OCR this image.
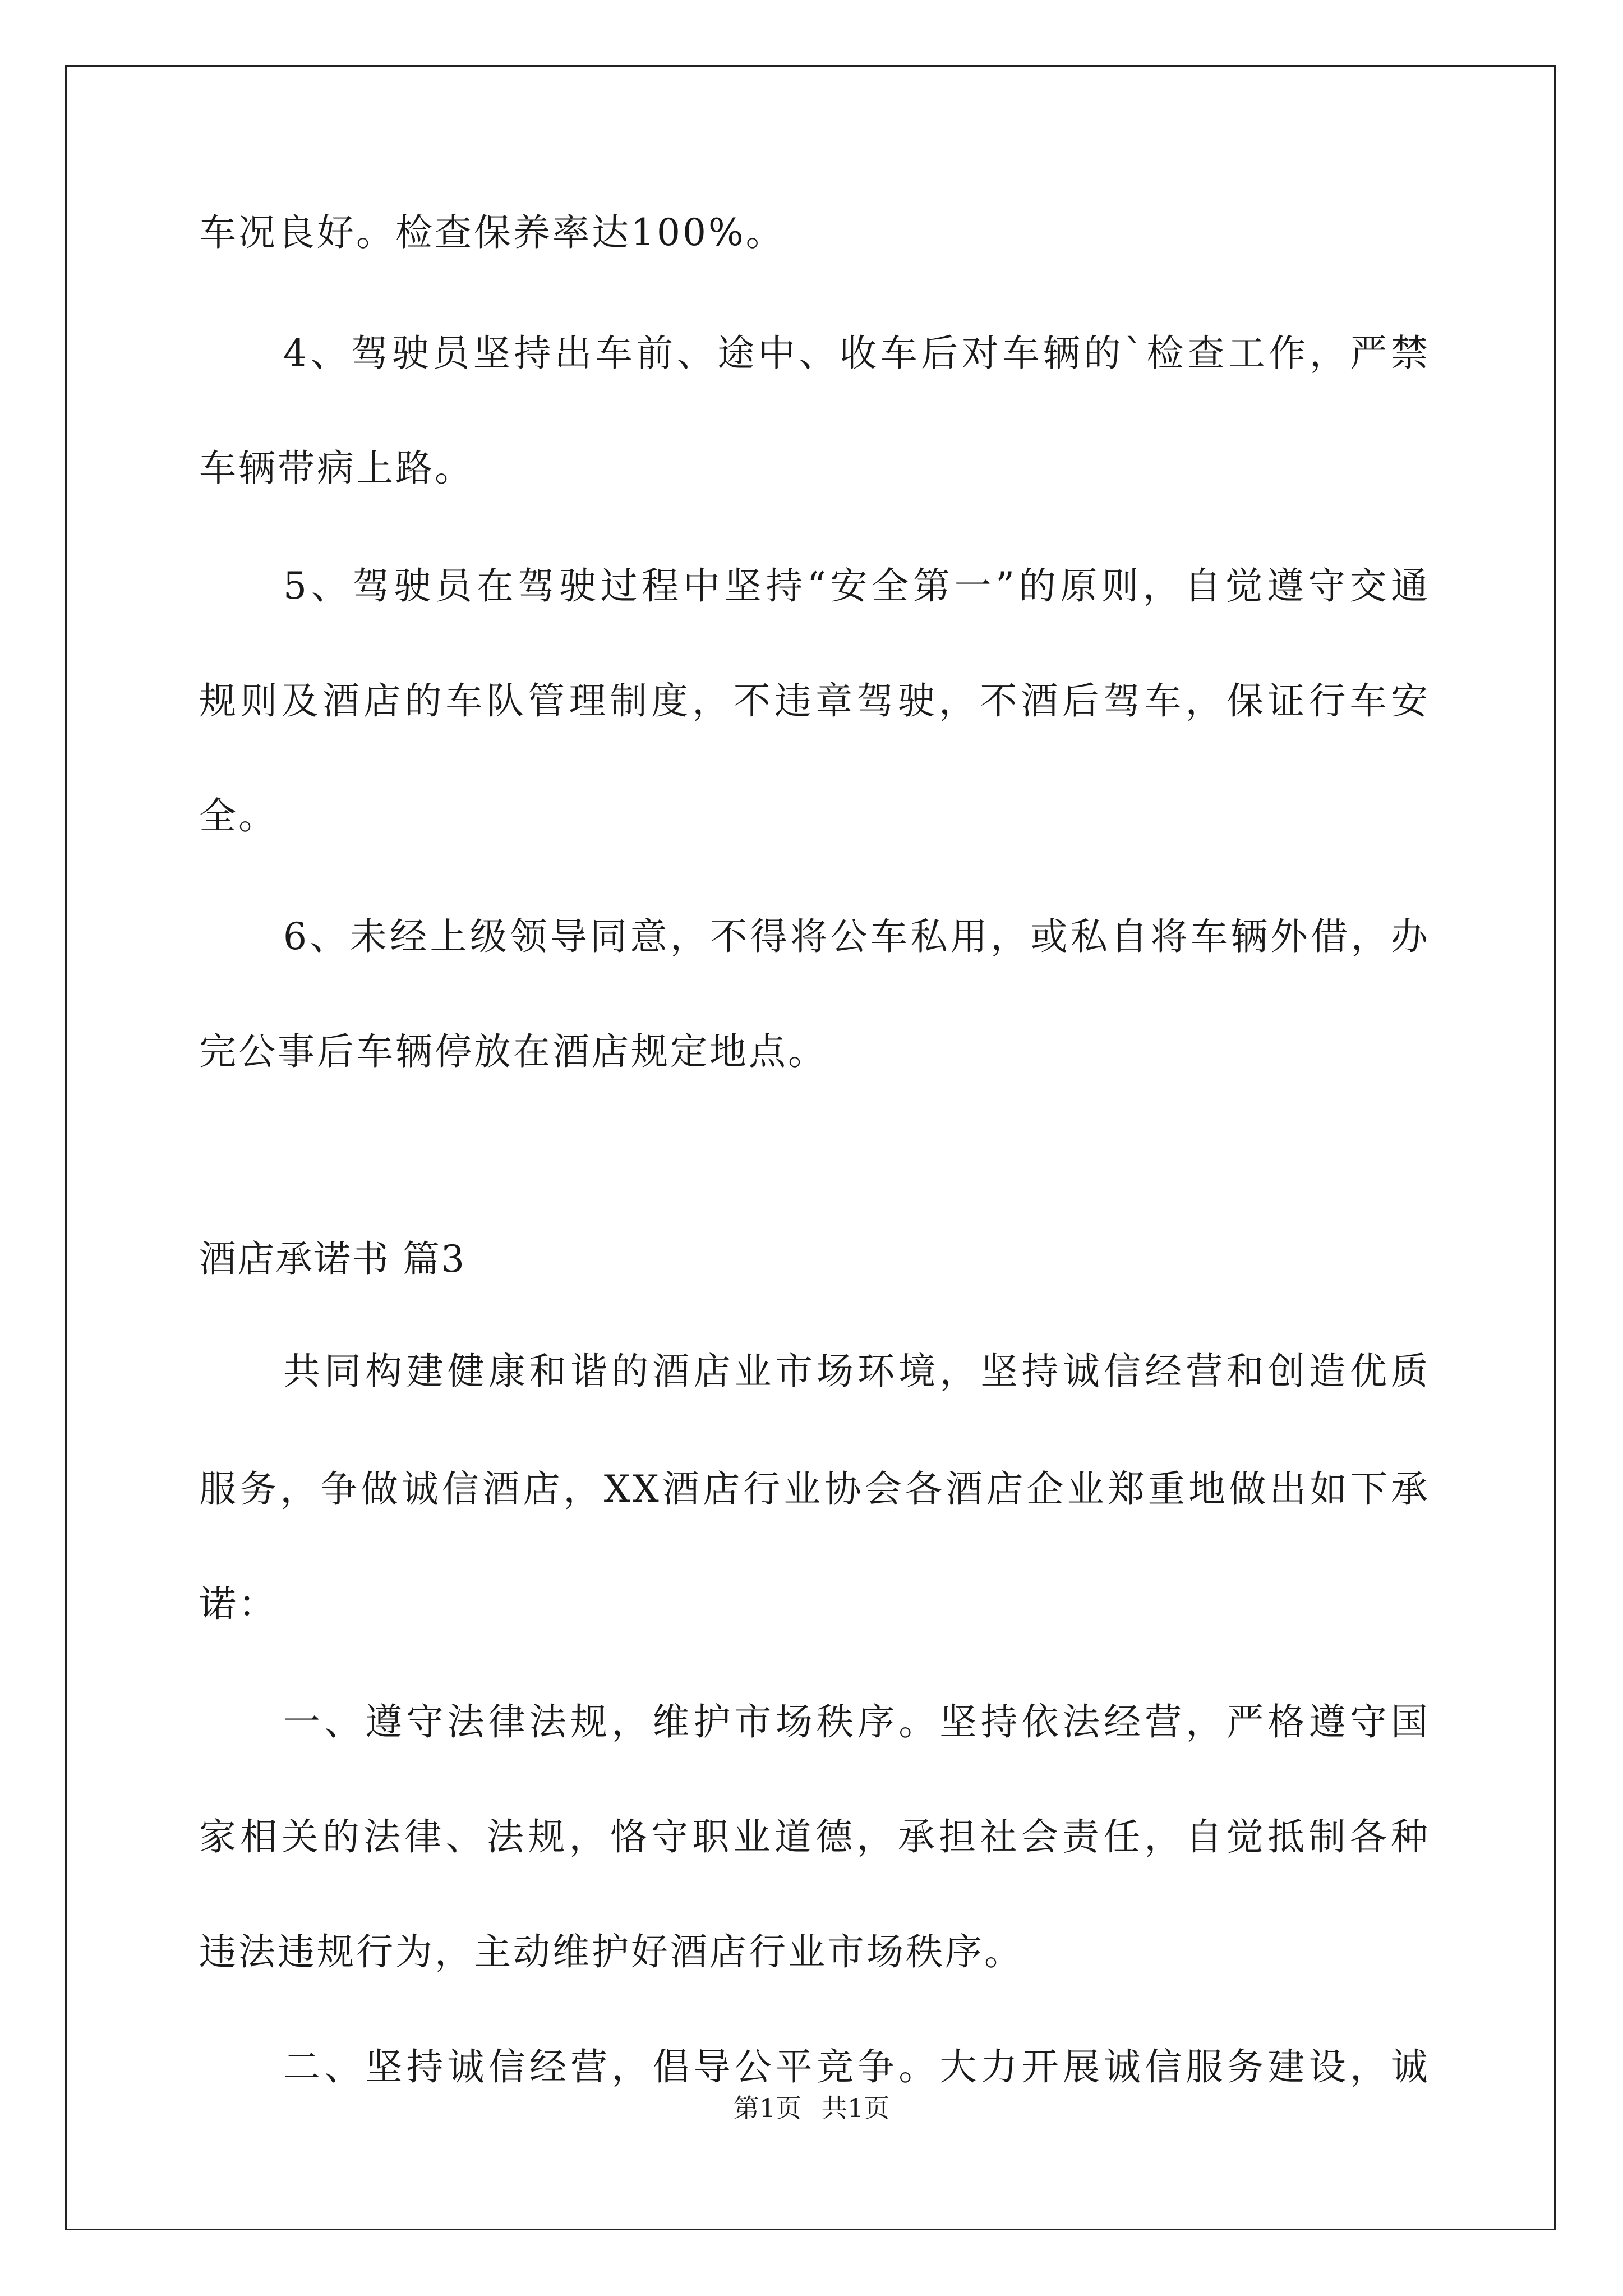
车况良好。检查保养率达100%。
4、驾驶员坚持出车前、途中、收车后对车辆的`检查工作，严禁
车辆带病上路。
5、驾驶员在驾驶过程中坚持“安全第一”的原则，自觉遵守交通
规则及酒店的车队管理制度，不违章驾驶，不酒后驾车，保证行车安
全。
6、未经上级领导同意，不得将公车私用，或私自将车辆外借，办
完公事后车辆停放在酒店规定地点。
酒店承诺书 篇3
共同构建健康和谐的酒店业市场环境，坚持诚信经营和创造优质
服务，争做诚信酒店，XX酒店行业协会各酒店企业郑重地做出如下承
诺：
一、遵守法律法规，维护市场秩序。坚持依法经营，严格遵守国
家相关的法律、法规，恪守职业道德，承担社会责任，自觉抵制各种
违法违规行为，主动维护好酒店行业市场秩序。
二、坚持诚信经营，倡导公平竞争。大力开展诚信服务建设，诚
第1页 共1页
